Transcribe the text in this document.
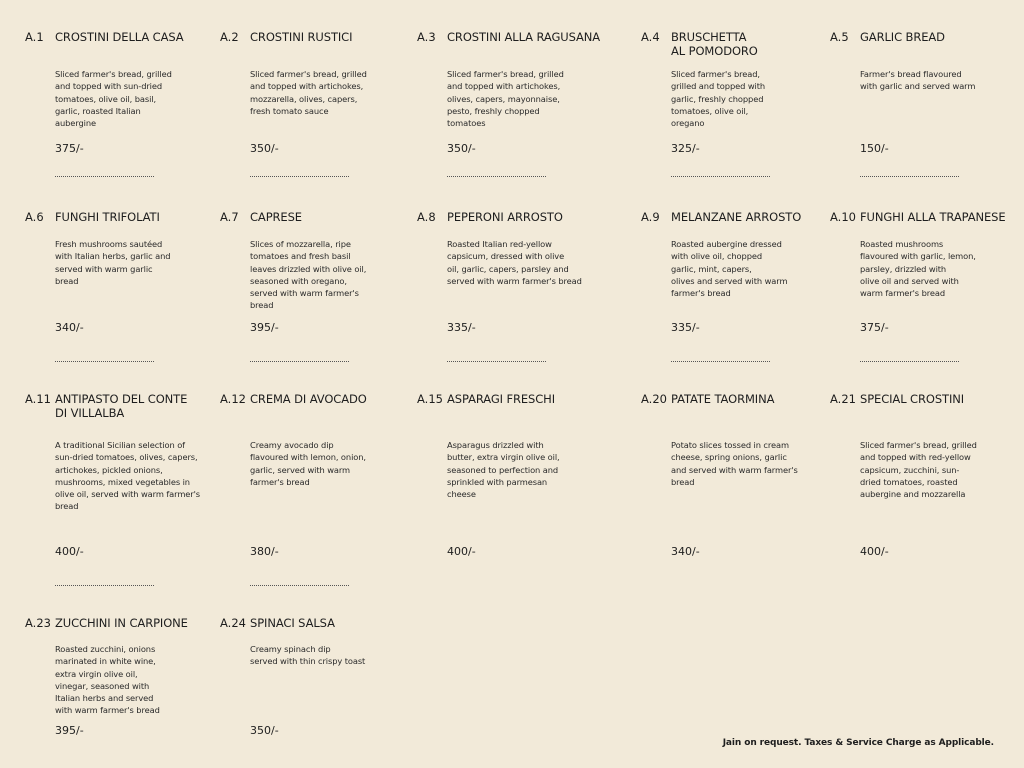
A.1 CROSTINI DELLA CASA
Sliced farmer's bread, grilled
and topped with sun-dried
tomatoes, olive oil, basil,
garlic, roasted Italian
aubergine
375/-
A.2 CROSTINI RUSTICI
Sliced farmer's bread, grilled
and topped with artichokes,
mozzarella, olives, capers,
fresh tomato sauce
350/-
A.3 CROSTINI ALLA RAGUSANA
Sliced farmer's bread, grilled
and topped with artichokes,
olives, capers, mayonnaise,
pesto, freshly chopped
tomatoes
350/-
A.4 BRUSCHETTA
AL POMODORO
Sliced farmer's bread,
grilled and topped with
garlic, freshly chopped
tomatoes, olive oil,
oregano
325/-
A.5 GARLIC BREAD
Farmer's bread flavoured
with garlic and served warm
150/-
A.6 FUNGHI TRIFOLATI
Fresh mushrooms sautéed
with Italian herbs, garlic and
served with warm garlic
bread
340/-
A.7 CAPRESE
Slices of mozzarella, ripe
tomatoes and fresh basil
leaves drizzled with olive oil,
seasoned with oregano,
served with warm farmer's
bread
395/-
A.8 PEPERONI ARROSTO
Roasted Italian red-yellow
capsicum, dressed with olive
oil, garlic, capers, parsley and
served with warm farmer's bread
335/-
A.9 MELANZANE ARROSTO
Roasted aubergine dressed
with olive oil, chopped
garlic, mint, capers,
olives and served with warm
farmer's bread
335/-
A.10 FUNGHI ALLA TRAPANESE
Roasted mushrooms
flavoured with garlic, lemon,
parsley, drizzled with
olive oil and served with
warm farmer's bread
375/-
A.11 ANTIPASTO DEL CONTE
DI VILLALBA
A traditional Sicilian selection of
sun-dried tomatoes, olives, capers,
artichokes, pickled onions,
mushrooms, mixed vegetables in
olive oil, served with warm farmer's
bread
400/-
A.12 CREMA DI AVOCADO
Creamy avocado dip
flavoured with lemon, onion,
garlic, served with warm
farmer's bread
380/-
A.15 ASPARAGI FRESCHI
Asparagus drizzled with
butter, extra virgin olive oil,
seasoned to perfection and
sprinkled with parmesan
cheese
400/-
A.20 PATATE TAORMINA
Potato slices tossed in cream
cheese, spring onions, garlic
and served with warm farmer's
bread
340/-
A.21 SPECIAL CROSTINI
Sliced farmer's bread, grilled
and topped with red-yellow
capsicum, zucchini, sun-
dried tomatoes, roasted
aubergine and mozzarella
400/-
A.23 ZUCCHINI IN CARPIONE
Roasted zucchini, onions
marinated in white wine,
extra virgin olive oil,
vinegar, seasoned with
Italian herbs and served
with warm farmer's bread
395/-
A.24 SPINACI SALSA
Creamy spinach dip
served with thin crispy toast
350/-
Jain on request. Taxes & Service Charge as Applicable.
